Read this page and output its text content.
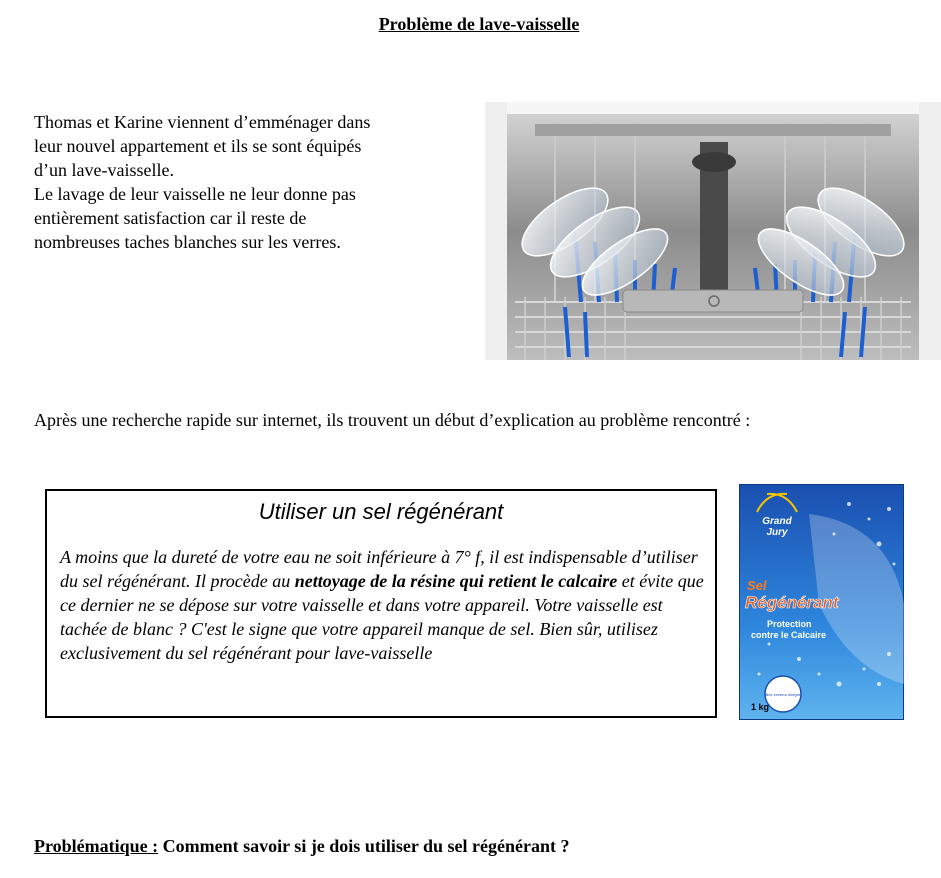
Problème de lave-vaisselle

Thomas et Karine viennent d’emménager dans

leur nouvel appartement et ils se sont équipés

d’un lave-vaisselle.

Le lavage de leur vaisselle ne leur donne pas

entièrement satisfaction car il reste de

nombreuses taches blanches sur les verres.

Après une recherche rapide sur internet, ils trouvent un début d’explication au problème rencontré :
Utiliser un sel régénérant
A moins que la dureté de votre eau ne soit inférieure à 7° f, il est indispensable d’utiliser du sel régénérant. Il procède au nettoyage de la résine qui retient le calcaire et évite que ce dernier ne se dépose sur votre vaisselle et dans votre appareil. Votre vaisselle est tachée de blanc ? C'est le signe que votre appareil manque de sel. Bien sûr, utilisez exclusivement du sel régénérant pour lave-vaisselle
Grand
Jury
Sel
Régénérant
Protection
contre le Calcaire
Bec verseur intégré
1 kg
Problématique : Comment savoir si je dois utiliser du sel régénérant ?
